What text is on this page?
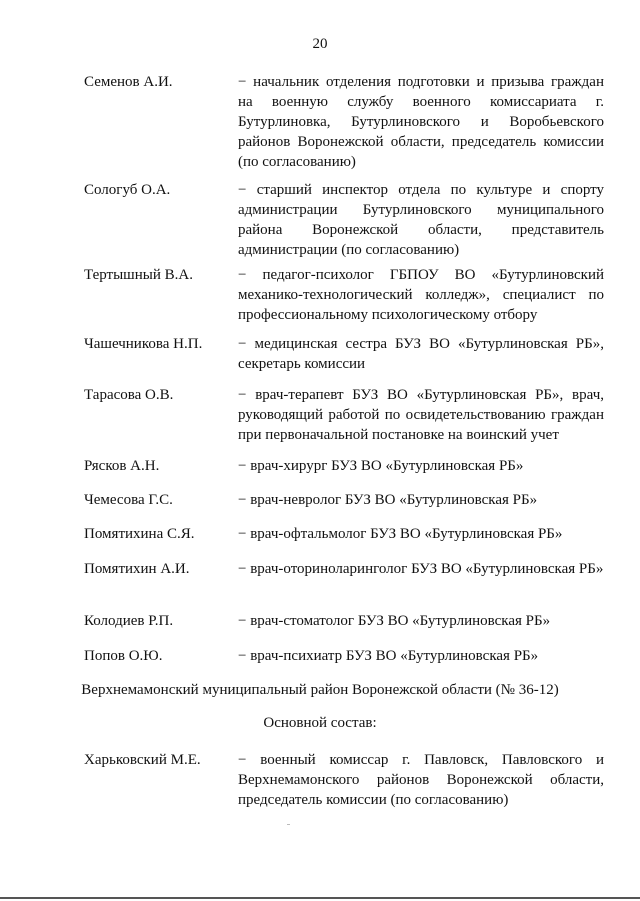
20
Семенов А.И.	− начальник отделения подготовки и призыва граждан на военную службу военного комиссариата г. Бутурлиновка, Бутурлиновского и Воробьевского районов Воронежской области, председатель комиссии (по согласованию)
Сологуб О.А.	− старший инспектор отдела по культуре и спорту администрации Бутурлиновского муниципального района Воронежской области, представитель администрации (по согласованию)
Тертышный В.А.	− педагог-психолог ГБПОУ ВО «Бутурлиновский механико-технологический колледж», специалист по профессиональному психологическому отбору
Чашечникова Н.П.	− медицинская сестра БУЗ ВО «Бутурлиновская РБ», секретарь комиссии
Тарасова О.В.	− врач-терапевт БУЗ ВО «Бутурлиновская РБ», врач, руководящий работой по освидетельствованию граждан при первоначальной постановке на воинский учет
Рясков А.Н.	− врач-хирург БУЗ ВО «Бутурлиновская РБ»
Чемесова Г.С.	− врач-невролог БУЗ ВО «Бутурлиновская РБ»
Помятихина С.Я.	− врач-офтальмолог БУЗ ВО «Бутурлиновская РБ»
Помятихин А.И.	− врач-оториноларинголог БУЗ ВО «Бутурлиновская РБ»
Колодиев Р.П.	− врач-стоматолог БУЗ ВО «Бутурлиновская РБ»
Попов О.Ю.	− врач-психиатр БУЗ ВО «Бутурлиновская РБ»
Верхнемамонский муниципальный район Воронежской области (№ 36-12)
Основной состав:
Харьковский М.Е.	− военный комиссар г. Павловск, Павловского и Верхнемамонского районов Воронежской области, председатель комиссии (по согласованию)
